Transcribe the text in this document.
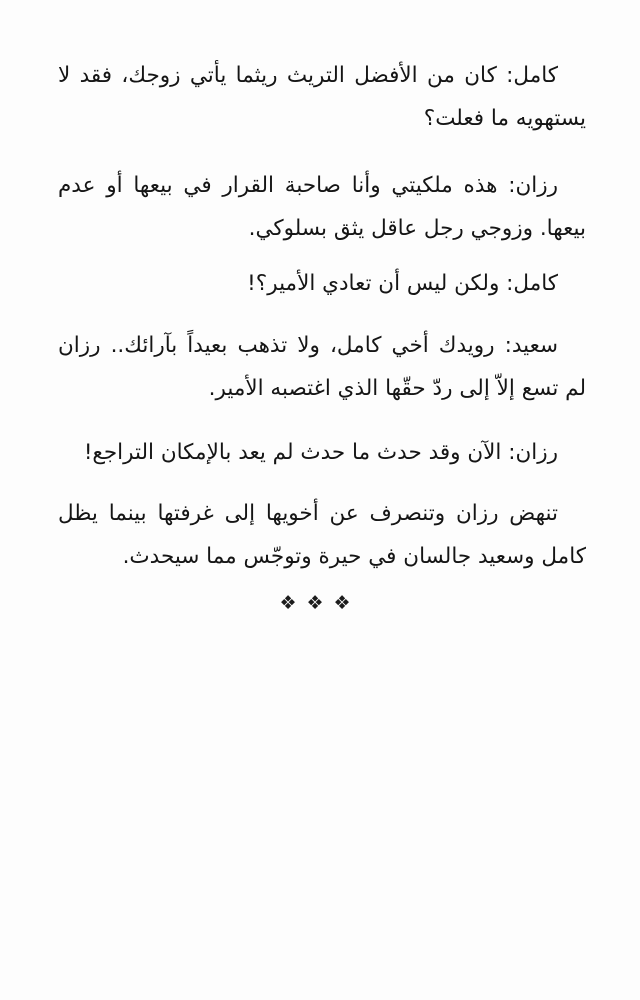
كامل: كان من الأفضل التريث ريثما يأتي زوجك، فقد لا يستهويه ما فعلت؟

رزان: هذه ملكيتي وأنا صاحبة القرار في بيعها أو عدم بيعها. وزوجي رجل عاقل يثق بسلوكي.

كامل: ولكن ليس أن تعادي الأمير؟!

سعيد: رويدك أخي كامل، ولا تذهب بعيداً بآرائك.. رزان لم تسع إلاّ إلى ردّ حقّها الذي اغتصبه الأمير.

رزان: الآن وقد حدث ما حدث لم يعد بالإمكان التراجع!

تنهض رزان وتنصرف عن أخويها إلى غرفتها بينما يظل كامل وسعيد جالسان في حيرة وتوجّس مما سيحدث.

❖❖❖
